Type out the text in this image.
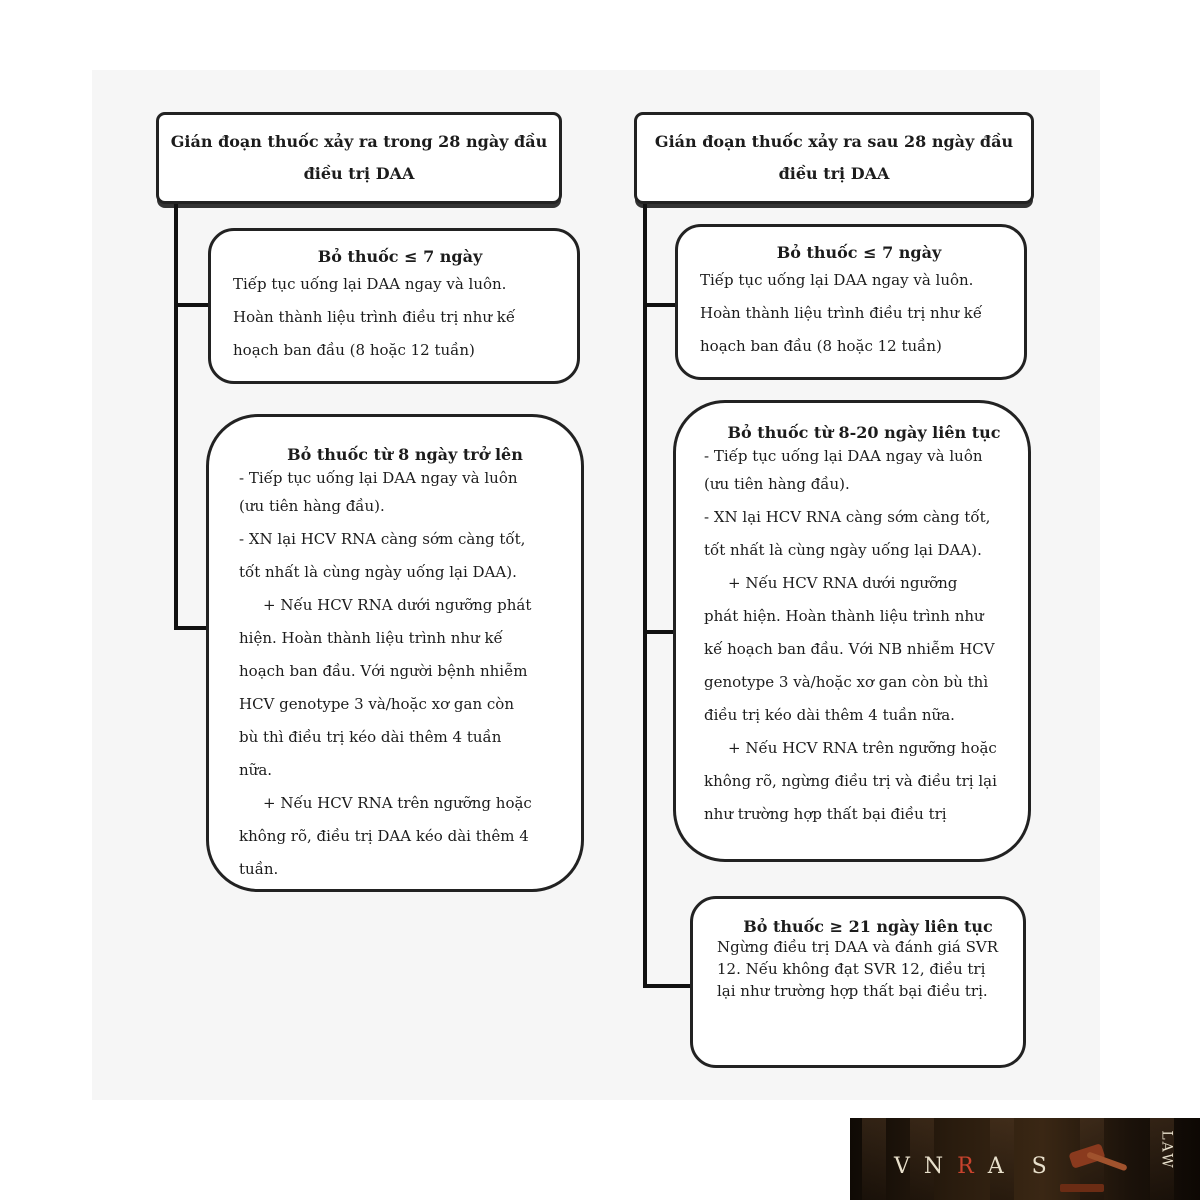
Gián đoạn thuốc xảy ra trong 28 ngày đầu
điều trị DAA
Bỏ thuốc ≤ 7 ngày
Tiếp tục uống lại DAA ngay và luôn.
Hoàn thành liệu trình điều trị như kế
hoạch ban đầu (8 hoặc 12 tuần)
Bỏ thuốc từ 8 ngày trở lên
- Tiếp tục uống lại DAA ngay và luôn
(ưu tiên hàng đầu).
- XN lại HCV RNA càng sớm càng tốt,
tốt nhất là cùng ngày uống lại DAA).
+ Nếu HCV RNA dưới ngưỡng phát
hiện. Hoàn thành liệu trình như kế
hoạch ban đầu. Với người bệnh nhiễm
HCV genotype 3 và/hoặc xơ gan còn
bù thì điều trị kéo dài thêm 4 tuần
nữa.
+ Nếu HCV RNA trên ngưỡng hoặc
không rõ, điều trị DAA kéo dài thêm 4
tuần.
Gián đoạn thuốc xảy ra sau 28 ngày đầu
điều trị DAA
Bỏ thuốc ≤ 7 ngày
Tiếp tục uống lại DAA ngay và luôn.
Hoàn thành liệu trình điều trị như kế
hoạch ban đầu (8 hoặc 12 tuần)
Bỏ thuốc từ 8-20 ngày liên tục
- Tiếp tục uống lại DAA ngay và luôn
(ưu tiên hàng đầu).
- XN lại HCV RNA càng sớm càng tốt,
tốt nhất là cùng ngày uống lại DAA).
+ Nếu HCV RNA dưới ngưỡng
phát hiện. Hoàn thành liệu trình như
kế hoạch ban đầu. Với NB nhiễm HCV
genotype 3 và/hoặc xơ gan còn bù thì
điều trị kéo dài thêm 4 tuần nữa.
+ Nếu HCV RNA trên ngưỡng hoặc
không rõ, ngừng điều trị và điều trị lại
như trường hợp thất bại điều trị
Bỏ thuốc ≥ 21 ngày liên tục
Ngừng điều trị DAA và đánh giá SVR
12. Nếu không đạt SVR 12, điều trị
lại như trường hợp thất bại điều trị.
VNRA S	LAW
